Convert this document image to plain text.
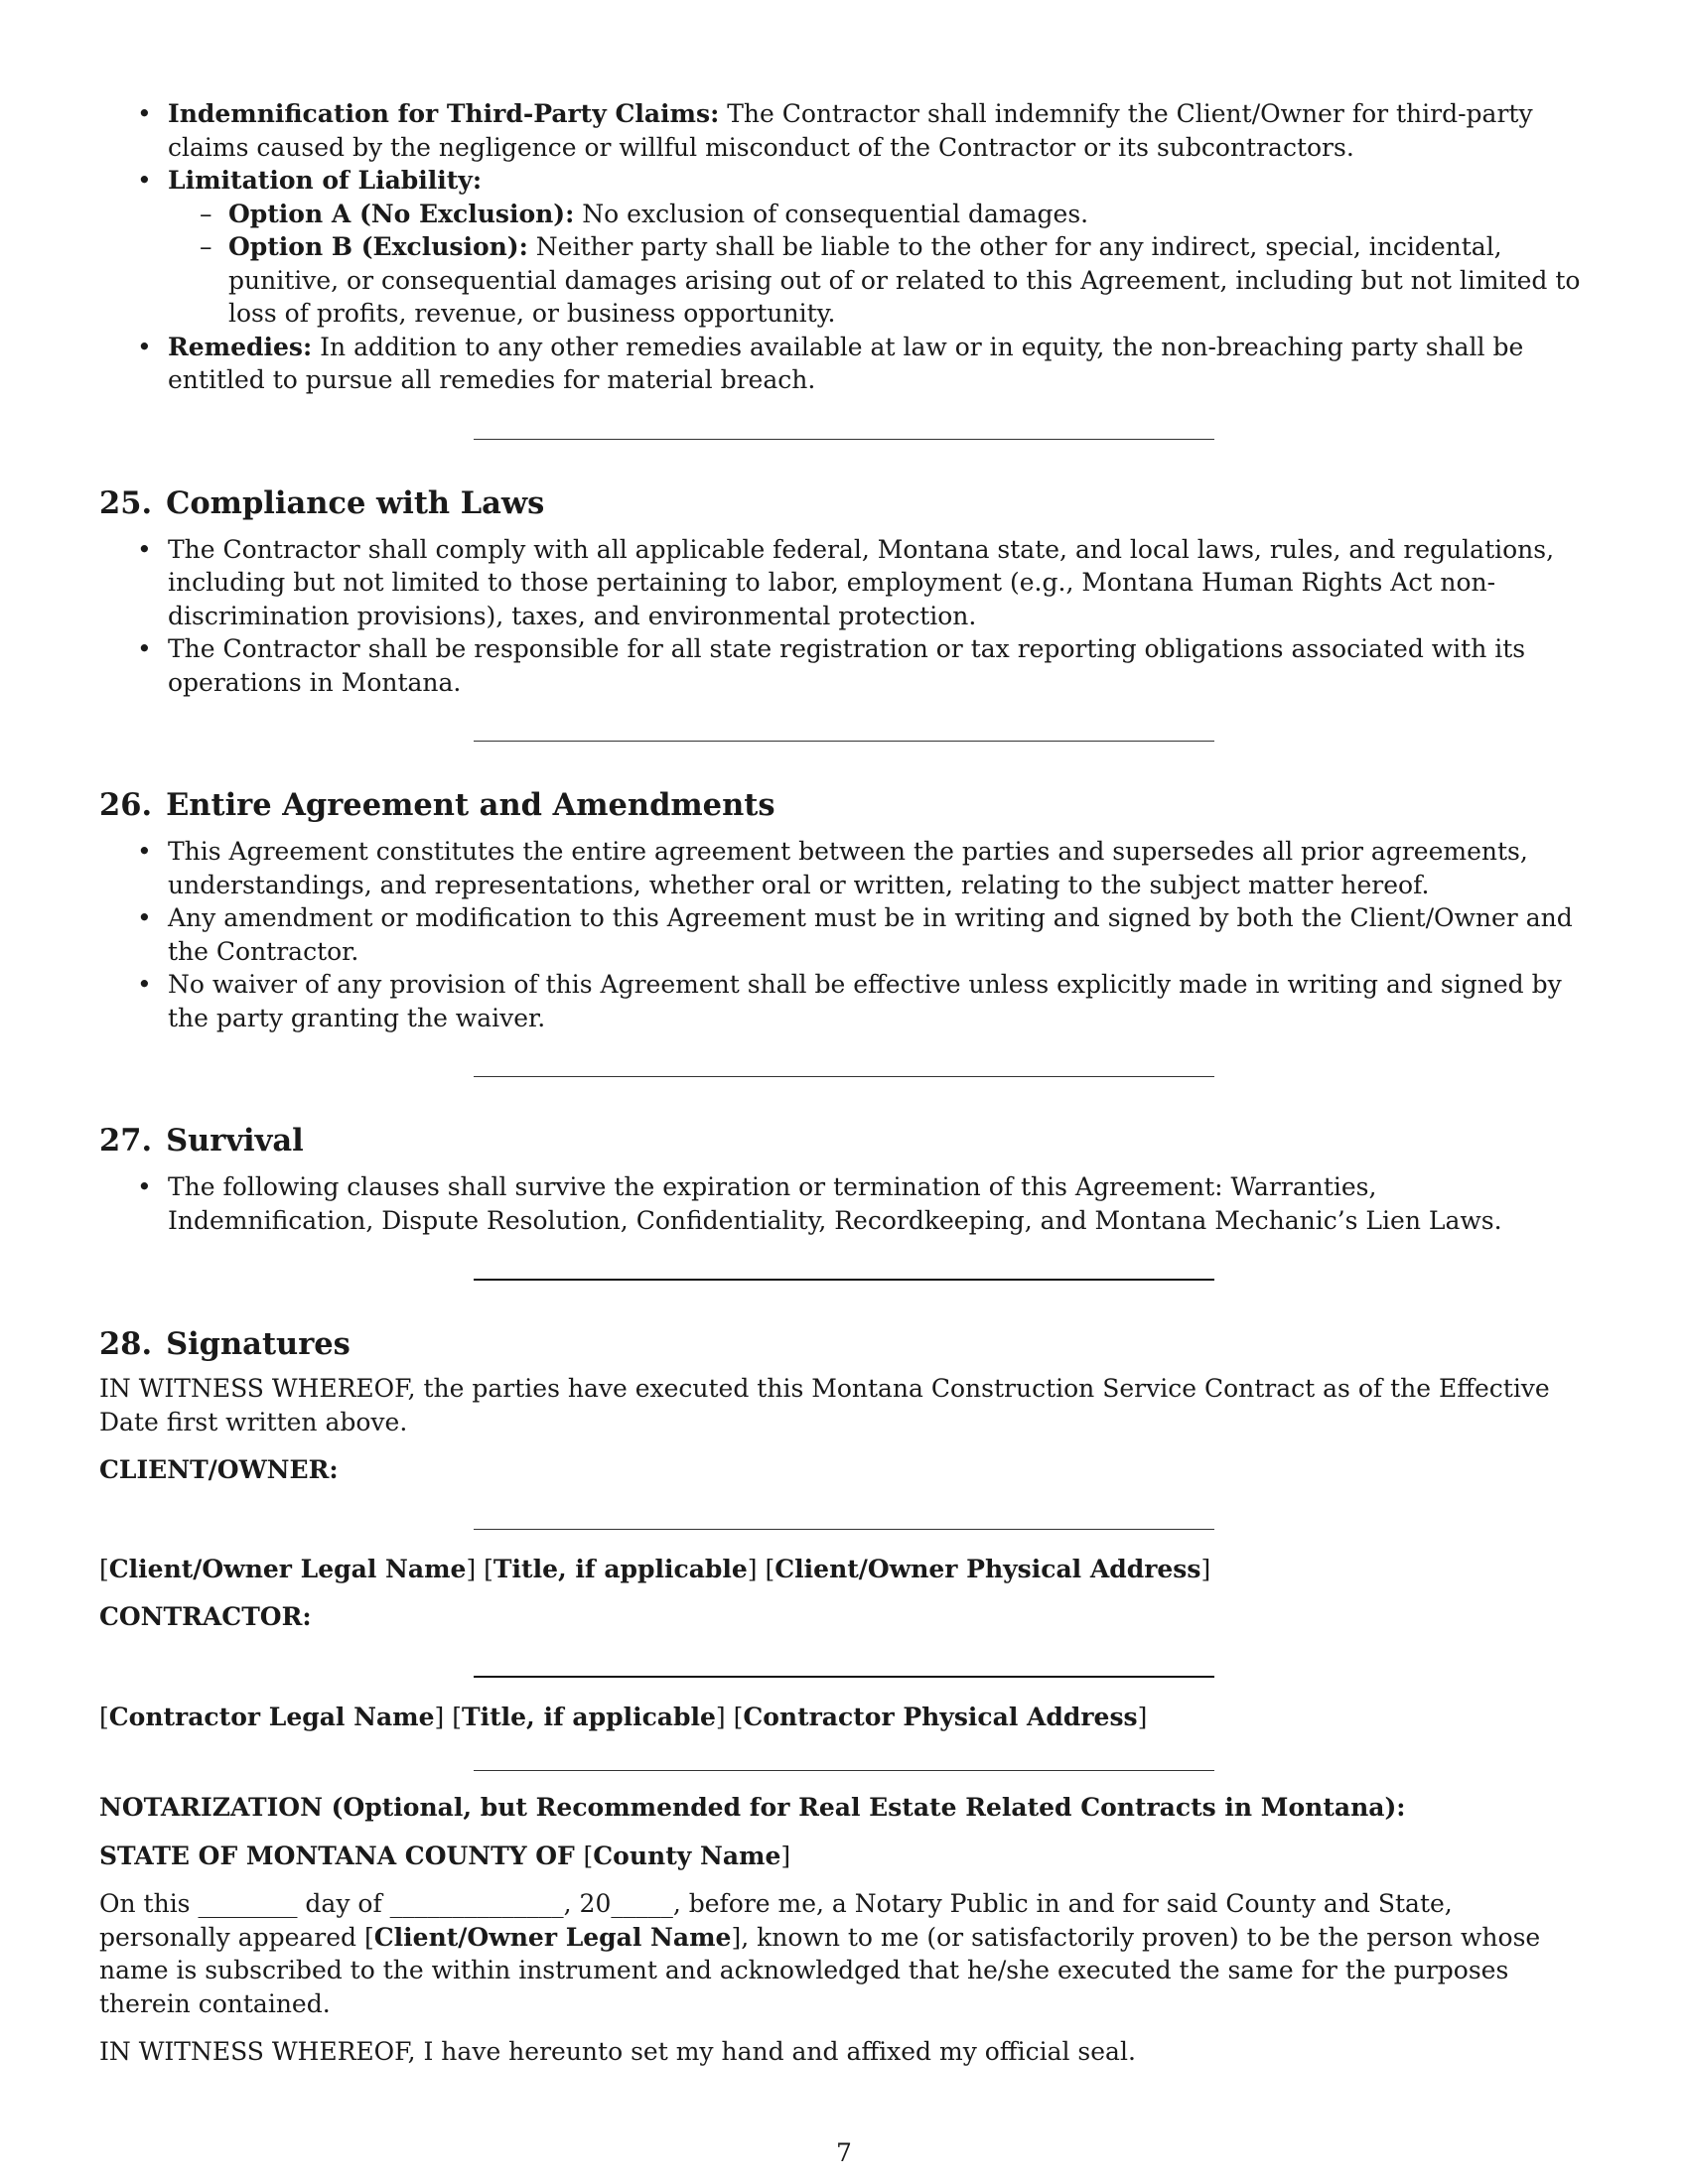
• Indemnification for Third-Party Claims: The Contractor shall indemnify the Client/Owner for third-party claims caused by the negligence or willful misconduct of the Contractor or its subcontractors.
• Limitation of Liability:
– Option A (No Exclusion): No exclusion of consequential damages.
– Option B (Exclusion): Neither party shall be liable to the other for any indirect, special, incidental, punitive, or consequential damages arising out of or related to this Agreement, including but not limited to loss of profits, revenue, or business opportunity.
• Remedies: In addition to any other remedies available at law or in equity, the non-breaching party shall be entitled to pursue all remedies for material breach.
25. Compliance with Laws
• The Contractor shall comply with all applicable federal, Montana state, and local laws, rules, and regulations, including but not limited to those pertaining to labor, employment (e.g., Montana Human Rights Act non-discrimination provisions), taxes, and environmental protection.
• The Contractor shall be responsible for all state registration or tax reporting obligations associated with its operations in Montana.
26. Entire Agreement and Amendments
• This Agreement constitutes the entire agreement between the parties and supersedes all prior agreements, understandings, and representations, whether oral or written, relating to the subject matter hereof.
• Any amendment or modification to this Agreement must be in writing and signed by both the Client/Owner and the Contractor.
• No waiver of any provision of this Agreement shall be effective unless explicitly made in writing and signed by the party granting the waiver.
27. Survival
• The following clauses shall survive the expiration or termination of this Agreement: Warranties, Indemnification, Dispute Resolution, Confidentiality, Recordkeeping, and Montana Mechanic’s Lien Laws.
28. Signatures

IN WITNESS WHEREOF, the parties have executed this Montana Construction Service Contract as of the Effective Date first written above.

CLIENT/OWNER:

[Client/Owner Legal Name] [Title, if applicable] [Client/Owner Physical Address]

CONTRACTOR:

[Contractor Legal Name] [Title, if applicable] [Contractor Physical Address]

NOTARIZATION (Optional, but Recommended for Real Estate Related Contracts in Montana):

STATE OF MONTANA COUNTY OF [County Name]

On this ________ day of ______________, 20_____, before me, a Notary Public in and for said County and State, personally appeared [Client/Owner Legal Name], known to me (or satisfactorily proven) to be the person whose name is subscribed to the within instrument and acknowledged that he/she executed the same for the purposes therein contained.

IN WITNESS WHEREOF, I have hereunto set my hand and affixed my official seal.

7
